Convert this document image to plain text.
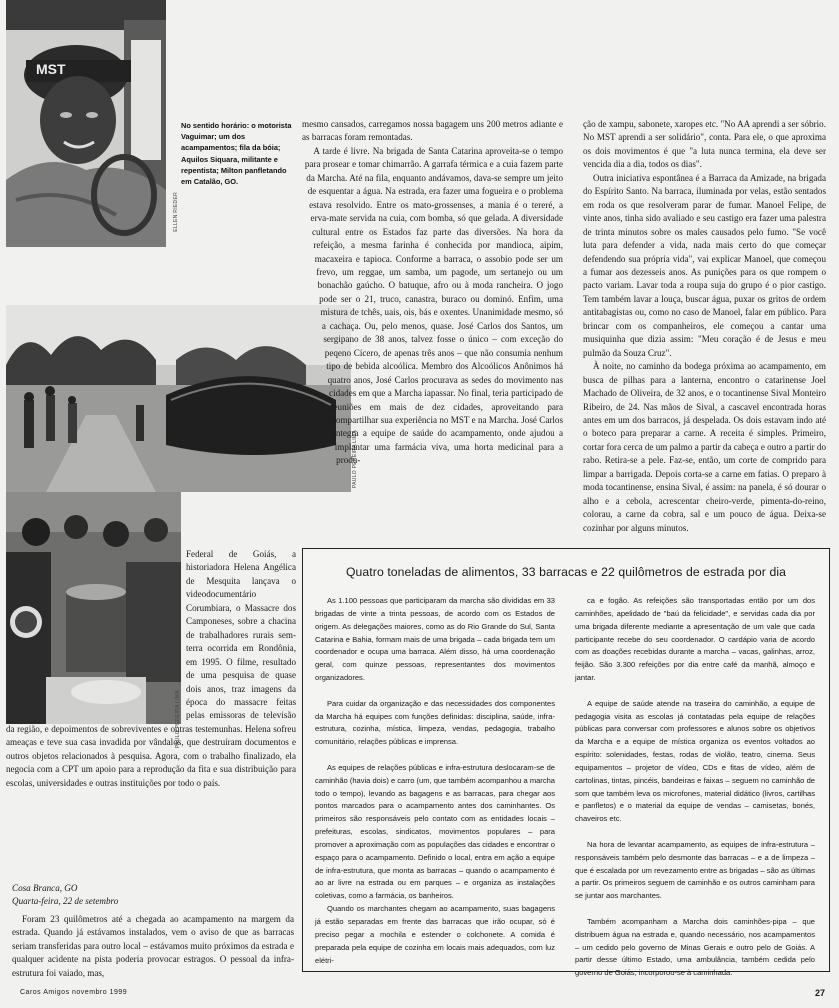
MST
ELLEN RIEDER
No sentido horário: o motorista Vaguimar; um dos acampamentos; fila da bóia; Aquilos Siquara, militante e repentista; Milton panfletando em Catalão, GO.
PAULO PEREIRA LIMA
PAULO PEREIRA LIMA

mesmo cansados, carregamos nossa bagagem uns 200 metros adiante e as barracas foram remontadas.

A tarde é livre. Na brigada de Santa Catarina aproveita-se o tempo para prosear e tomar chimarrão. A garrafa térmica e a cuia fazem parte da Marcha. Até na fila, enquanto andávamos, dava-se sempre um jeito de esquentar a água. Na estrada, era fazer uma fogueira e o problema estava resolvido. Entre os mato-grossenses, a mania é o tereré, a erva-mate servida na cuia, com bomba, só que gelada. A diversidade cultural entre os Estados faz parte das diversões. Na hora da refeição, a mesma farinha é conhecida por mandioca, aipim, macaxeira e tapioca. Conforme a barraca, o assobio pode ser um frevo, um reggae, um samba, um pagode, um sertanejo ou um bonachão gaúcho. O batuque, afro ou à moda rancheira. O jogo pode ser o 21, truco, canastra, buraco ou dominó. Enfim, uma mistura de tchês, uais, ois, bás e oxentes. Unanimidade mesmo, só a cachaça. Ou, pelo menos, quase. José Carlos dos Santos, um sergipano de 38 anos, talvez fosse o único – com exceção do peqeno Cícero, de apenas três anos – que não consumia nenhum tipo de bebida alcoólica. Membro dos Alcoólicos Anônimos há quatro anos, José Carlos procurava as sedes do movimento nas cidades em que a Marcha iapassar. No final, teria participado de reuniões em mais de dez cidades, aproveitando para compartilhar sua experiência no MST e na Marcha. José Carlos integra a equipe de saúde do acampamento, onde ajudou a implantar uma farmácia viva, uma horta medicinal para a produ-

ção de xampu, sabonete, xaropes etc. "No AA aprendi a ser sóbrio. No MST aprendi a ser solidário", conta. Para ele, o que aproxima os dois movimentos é que "a luta nunca termina, ela deve ser vencida dia a dia, todos os dias".

Outra iniciativa espontânea é a Barraca da Amizade, na brigada do Espírito Santo. Na barraca, iluminada por velas, estão sentados em roda os que resolveram parar de fumar. Manoel Felipe, de vinte anos, tinha sido avaliado e seu castigo era fazer uma palestra de trinta minutos sobre os males causados pelo fumo. "Se você luta para defender a vida, nada mais certo do que começar defendendo sua própria vida", vai explicar Manoel, que começou a fumar aos dezesseis anos. As punições para os que rompem o pacto variam. Lavar toda a roupa suja do grupo é o pior castigo. Tem também lavar a louça, buscar água, puxar os gritos de ordem antitabagistas ou, como no caso de Manoel, falar em público. Para brincar com os companheiros, ele começou a cantar uma musiquinha que dizia assim: "Meu coração é de Jesus e meu pulmão da Souza Cruz".

À noite, no caminho da bodega próxima ao acampamento, em busca de pilhas para a lanterna, encontro o catarinense Joel Machado de Oliveira, de 32 anos, e o tocantinense Sival Monteiro Ribeiro, de 24. Nas mãos de Sival, a cascavel encontrada horas antes em um dos barracos, já despelada. Os dois estavam indo até o boteco para preparar a carne. A receita é simples. Primeiro, cortar fora cerca de um palmo a partir da cabeça e outro a partir do rabo. Retira-se a pele. Faz-se, então, um corte de comprido para limpar a barrigada. Depois corta-se a carne em fatias. O preparo à moda tocantinense, ensina Sival, é assim: na panela, é só dourar o alho e a cebola, acrescentar cheiro-verde, pimenta-do-reino, colorau, a carne da cobra, sal e um pouco de água. Deixa-se cozinhar por alguns minutos.

Federal de Goiás, a historiadora Helena Angélica de Mesquita lançava o videodocumentário Corumbiara, o Massacre dos Camponeses, sobre a chacina de trabalhadores rurais sem-terra ocorrida em Rondônia, em 1995. O filme, resultado de uma pesquisa de quase dois anos, traz imagens da época do massacre feitas pelas emissoras de televisão da região, e depoimentos de sobreviventes e outras testemunhas. Helena sofreu ameaças e teve sua casa invadida por vândalos, que destruíram documentos e outros objetos relacionados à pesquisa. Agora, com o trabalho finalizado, ela negocia com a CPT um apoio para a reprodução da fita e sua distribuição para escolas, universidades e outras instituições por todo o país.

Cosa Branca, GO
Quarta-feira, 22 de setembro

Foram 23 quilômetros até a chegada ao acampamento na margem da estrada. Quando já estávamos instalados, vem o aviso de que as barracas seriam transferidas para outro local – estávamos muito próximos da estrada e qualquer acidente na pista poderia provocar estragos. O pessoal da infra-estrutura foi vaiado, mas,

Quatro toneladas de alimentos, 33 barracas e 22 quilômetros de estrada por dia

As 1.100 pessoas que participaram da marcha são divididas em 33 brigadas de vinte a trinta pessoas, de acordo com os Estados de origem. As delegações maiores, como as do Rio Grande do Sul, Santa Catarina e Bahia, formam mais de uma brigada – cada brigada tem um coordenador e ocupa uma barraca. Além disso, há uma coordenação geral, com quinze pessoas, representantes dos movimentos organizadores.

Para cuidar da organização e das necessidades dos componentes da Marcha há equipes com funções definidas: disciplina, saúde, infra-estrutura, cozinha, mística, limpeza, vendas, pedagogia, trabalho comunitário, relações públicas e imprensa.

As equipes de relações públicas e infra-estrutura deslocaram-se de caminhão (havia dois) e carro (um, que também acompanhou a marcha todo o tempo), levando as bagagens e as barracas, para chegar aos pontos marcados para o acampamento antes dos caminhantes. Os primeiros são responsáveis pelo contato com as entidades locais – prefeituras, escolas, sindicatos, movimentos populares – para promover a aproximação com as populações das cidades e encontrar o espaço para o acampamento. Definido o local, entra em ação a equipe de infra-estrutura, que monta as barracas – quando o acampamento é ao ar livre na estrada ou em parques – e organiza as instalações coletivas, como a farmácia, os banheiros.

Quando os marchantes chegam ao acampamento, suas bagagens já estão separadas em frente das barracas que irão ocupar, só é preciso pegar a mochila e estender o colchonete. A comida é preparada pela equipe de cozinha em locais mais adequados, com luz elétri-

ca e fogão. As refeições são transportadas então por um dos caminhões, apelidado de "baú da felicidade", e servidas cada dia por uma brigada diferente mediante a apresentação de um vale que cada participante recebe do seu coordenador. O cardápio varia de acordo com as doações recebidas durante a marcha – vacas, galinhas, arroz, feijão. São 3.300 refeições por dia entre café da manhã, almoço e jantar.

A equipe de saúde atende na traseira do caminhão, a equipe de pedagogia visita as escolas já contatadas pela equipe de relações públicas para conversar com professores e alunos sobre os objetivos da Marcha e a equipe de mística organiza os eventos voltados ao espírito: solenidades, festas, rodas de violão, teatro, cinema. Seus equipamentos – projetor de vídeo, CDs e fitas de vídeo, além de cartolinas, tintas, pincéis, bandeiras e faixas – seguem no caminhão de som que também leva os microfones, material didático (livros, cartilhas e panfletos) e o material da equipe de vendas – camisetas, bonés, chaveiros etc.

Na hora de levantar acampamento, as equipes de infra-estrutura – responsáveis também pelo desmonte das barracas – e a de limpeza – que é escalada por um revezamento entre as brigadas – são as últimas a partir. Os primeiros seguem de caminhão e os outros caminham para se juntar aos marchantes.

Também acompanham a Marcha dois caminhões-pipa – que distribuem água na estrada e, quando necessário, nos acampamentos – um cedido pelo governo de Minas Gerais e outro pelo de Goiás. A partir desse último Estado, uma ambulância, também cedida pelo governo de Goiás, incorporou-se à caminhada.

Caros Amigos novembro 1999	27
